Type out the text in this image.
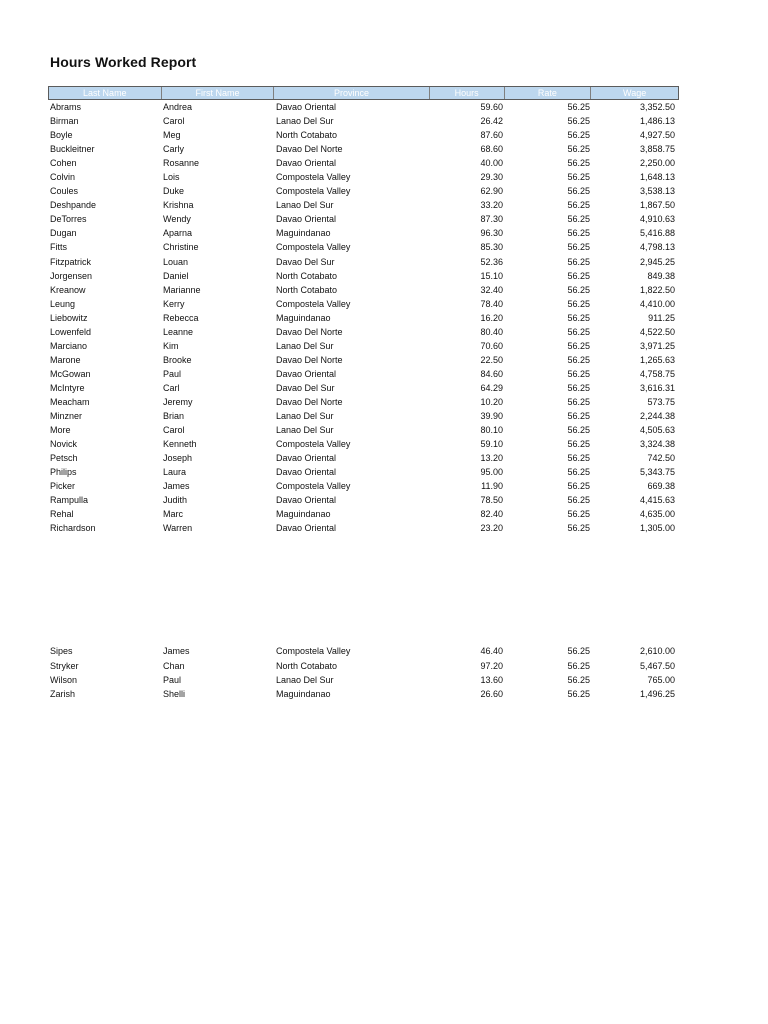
Hours Worked Report
Last Name	First Name	Province	Hours	Rate	Wage
Abrams	Andrea	Davao Oriental	59.60	56.25	3,352.50
Birman	Carol	Lanao Del Sur	26.42	56.25	1,486.13
Boyle	Meg	North Cotabato	87.60	56.25	4,927.50
Buckleitner	Carly	Davao Del Norte	68.60	56.25	3,858.75
Cohen	Rosanne	Davao Oriental	40.00	56.25	2,250.00
Colvin	Lois	Compostela Valley	29.30	56.25	1,648.13
Coules	Duke	Compostela Valley	62.90	56.25	3,538.13
Deshpande	Krishna	Lanao Del Sur	33.20	56.25	1,867.50
DeTorres	Wendy	Davao Oriental	87.30	56.25	4,910.63
Dugan	Aparna	Maguindanao	96.30	56.25	5,416.88
Fitts	Christine	Compostela Valley	85.30	56.25	4,798.13
Fitzpatrick	Louan	Davao Del Sur	52.36	56.25	2,945.25
Jorgensen	Daniel	North Cotabato	15.10	56.25	849.38
Kreanow	Marianne	North Cotabato	32.40	56.25	1,822.50
Leung	Kerry	Compostela Valley	78.40	56.25	4,410.00
Liebowitz	Rebecca	Maguindanao	16.20	56.25	911.25
Lowenfeld	Leanne	Davao Del Norte	80.40	56.25	4,522.50
Marciano	Kim	Lanao Del Sur	70.60	56.25	3,971.25
Marone	Brooke	Davao Del Norte	22.50	56.25	1,265.63
McGowan	Paul	Davao Oriental	84.60	56.25	4,758.75
McIntyre	Carl	Davao Del Sur	64.29	56.25	3,616.31
Meacham	Jeremy	Davao Del Norte	10.20	56.25	573.75
Minzner	Brian	Lanao Del Sur	39.90	56.25	2,244.38
More	Carol	Lanao Del Sur	80.10	56.25	4,505.63
Novick	Kenneth	Compostela Valley	59.10	56.25	3,324.38
Petsch	Joseph	Davao Oriental	13.20	56.25	742.50
Philips	Laura	Davao Oriental	95.00	56.25	5,343.75
Picker	James	Compostela Valley	11.90	56.25	669.38
Rampulla	Judith	Davao Oriental	78.50	56.25	4,415.63
Rehal	Marc	Maguindanao	82.40	56.25	4,635.00
Richardson	Warren	Davao Oriental	23.20	56.25	1,305.00
Sipes	James	Compostela Valley	46.40	56.25	2,610.00
Stryker	Chan	North Cotabato	97.20	56.25	5,467.50
Wilson	Paul	Lanao Del Sur	13.60	56.25	765.00
Zarish	Shelli	Maguindanao	26.60	56.25	1,496.25
